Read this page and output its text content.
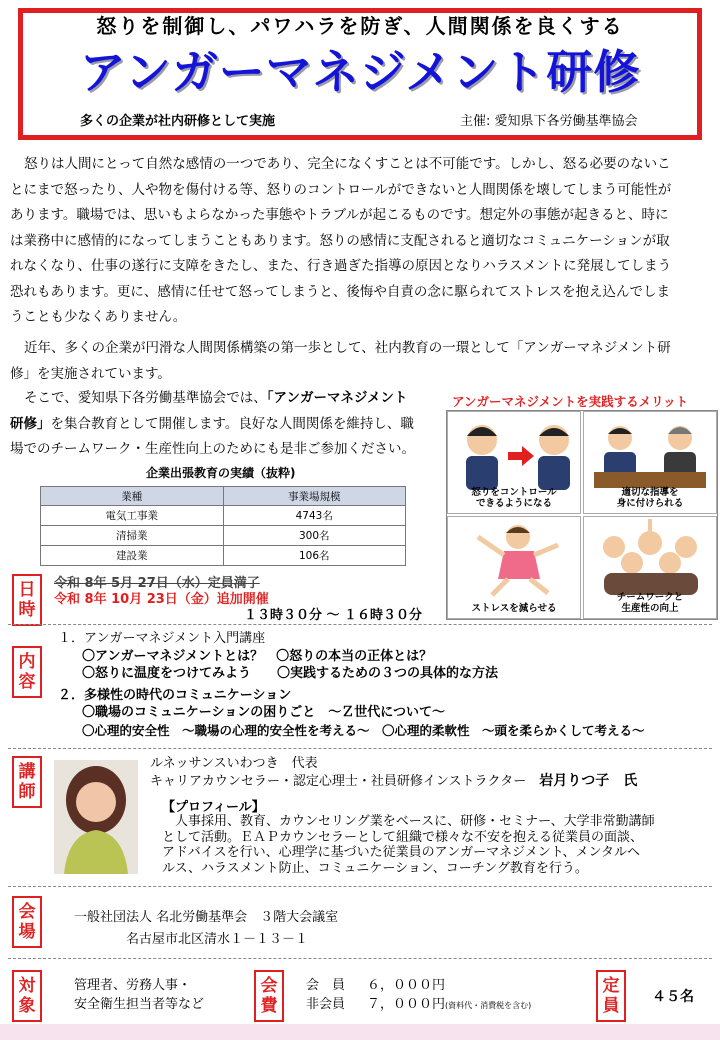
怒りを制御し、パワハラを防ぎ、人間関係を良くする
アンガーマネジメント研修
多くの企業が社内研修として実施	主催: 愛知県下各労働基準協会
怒りは人間にとって自然な感情の一つであり、完全になくすことは不可能です。しかし、怒る必要のないこ
とにまで怒ったり、人や物を傷付ける等、怒りのコントロールができないと人間関係を壊してしまう可能性が
あります。職場では、思いもよらなかった事態やトラブルが起こるものです。想定外の事態が起きると、時に
は業務中に感情的になってしまうこともあります。怒りの感情に支配されると適切なコミュニケーションが取
れなくなり、仕事の遂行に支障をきたし、また、行き過ぎた指導の原因となりハラスメントに発展してしまう
恐れもあります。更に、感情に任せて怒ってしまうと、後悔や自責の念に駆られてストレスを抱え込んでしま
うことも少なくありません。
近年、多くの企業が円滑な人間関係構築の第一歩として、社内教育の一環として「アンガーマネジメント研
修」を実施されています。
そこで、愛知県下各労働基準協会では、「アンガーマネジメント
研修」を集合教育として開催します。良好な人間関係を維持し、職
場でのチームワーク・生産性向上のためにも是非ご参加ください。
企業出張教育の実績（抜粋)
業種	事業場規模
電気工事業	4743名
清掃業	300名
建設業	106名
アンガーマネジメントを実践するメリット
怒りをコントロール
できるようになる
適切な指導を
身に付けられる
ストレスを減らせる
チームワークと
生産性の向上
日時
令和 8年 5月 27日（水）定員満了
令和 8年 10月 23日（金）追加開催
１３時３０分 ～ １６時３０分
内容
１．アンガーマネジメント入門講座
〇アンガーマネジメントとは？　〇怒りの本当の正体とは？
〇怒りに温度をつけてみよう　　〇実践するための３つの具体的な方法
２．多様性の時代のコミュニケーション
〇職場のコミュニケーションの困りごと　～Ｚ世代について～
〇心理的安全性　～職場の心理的安全性を考える～　〇心理的柔軟性　～頭を柔らかくして考える～
講師
ルネッサンスいわつき　代表
キャリアカウンセラー・認定心理士・社員研修インストラクター　 岩月りつ子　氏
【プロフィール】
　人事採用、教育、カウンセリング業をベースに、研修・セミナー、大学非常勤講師
として活動。ＥＡＰカウンセラーとして組織で様々な不安を抱える従業員の面談、
アドバイスを行い、心理学に基づいた従業員のアンガーマネジメント、メンタルヘ
ルス、ハラスメント防止、コミュニケーション、コーチング教育を行う。
会場
一般社団法人 名北労働基準会　３階大会議室
名古屋市北区清水１－１３－１
対象
管理者、労務人事・
安全衛生担当者等など
会費
会　員 ６，０００円
非会員 ７，０００円(資料代・消費税を含む)
定員	４５名
